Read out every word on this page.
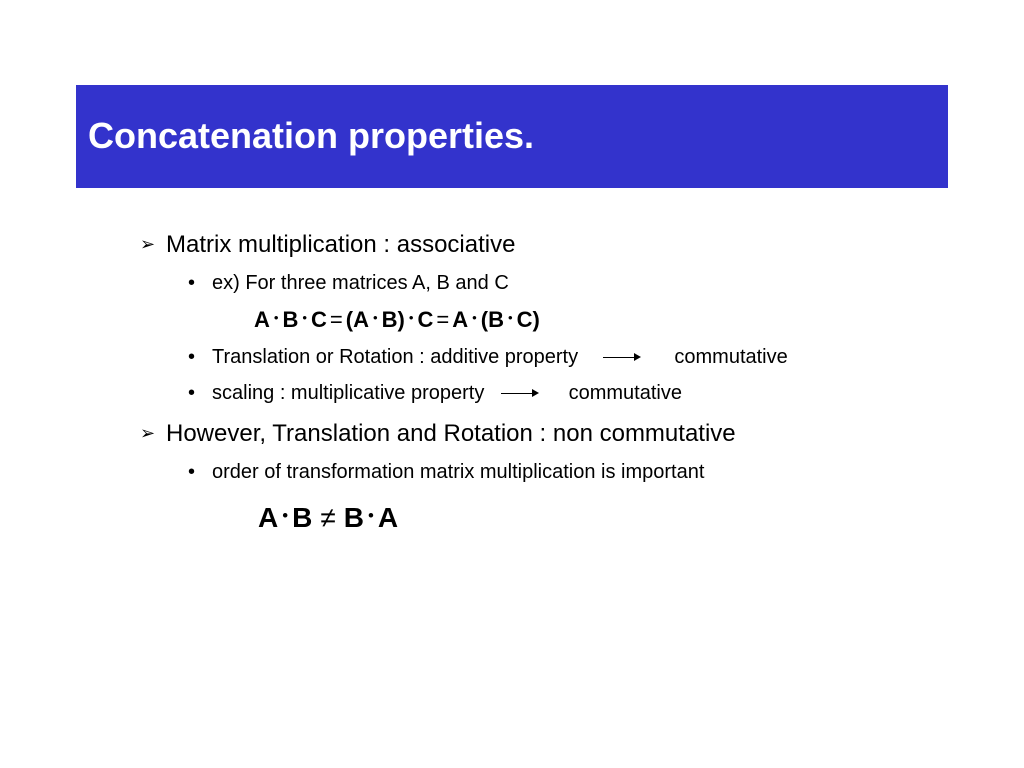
Concatenation properties.
➢ Matrix multiplication : associative
• ex) For three matrices A, B and C
A • B • C = (A • B) • C = A • (B • C)
• Translation or Rotation : additive property	commutative
• scaling : multiplicative property	commutative
➢ However, Translation and Rotation : non commutative
• order of transformation matrix multiplication is important
A • B ≠ B • A
